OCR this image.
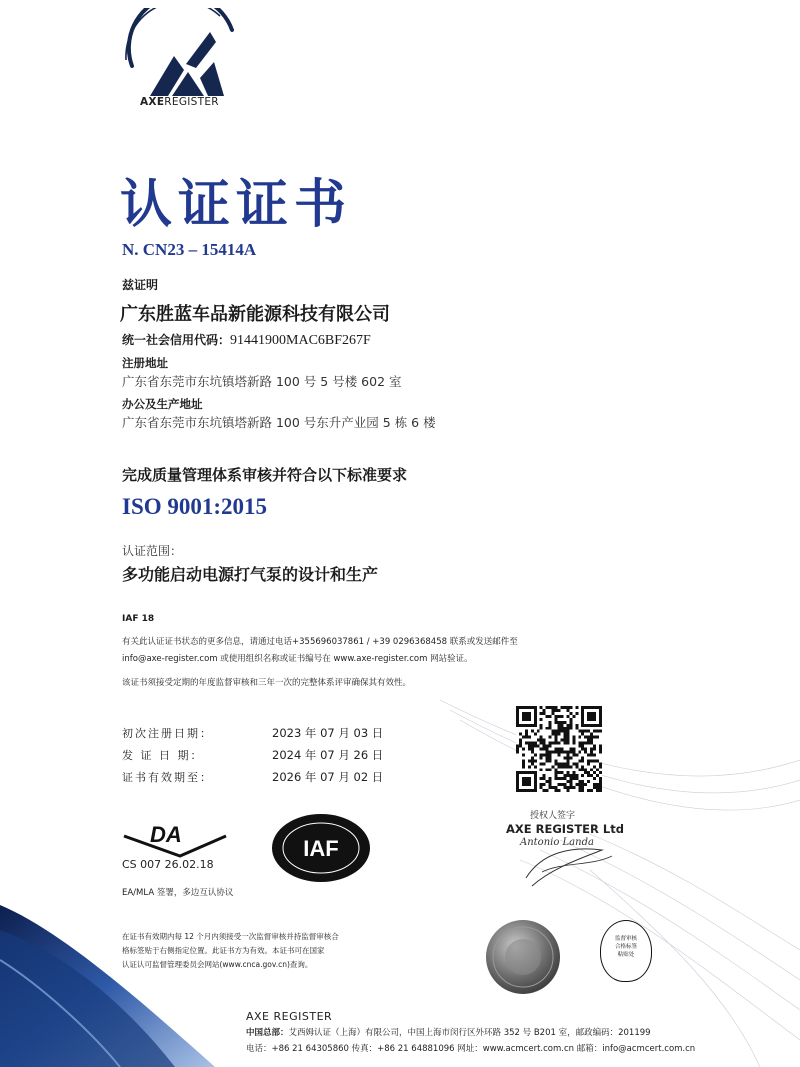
AXEREGISTER
认证证书
N. CN23 – 15414A
兹证明
广东胜蓝车品新能源科技有限公司
统一社会信用代码：91441900MAC6BF267F
注册地址
广东省东莞市东坑镇塔新路 100 号 5 号楼 602 室
办公及生产地址
广东省东莞市东坑镇塔新路 100 号东升产业园 5 栋 6 楼
完成质量管理体系审核并符合以下标准要求
ISO 9001:2015
认证范围：
多功能启动电源打气泵的设计和生产
IAF 18
有关此认证证书状态的更多信息，请通过电话+355696037861 / +39 0296368458 联系或发送邮件至
info@axe-register.com 或使用组织名称或证书编号在 www.axe-register.com 网站验证。
该证书须接受定期的年度监督审核和三年一次的完整体系评审确保其有效性。
初次注册日期：	2023 年 07 月 03 日
发 证 日 期：	2024 年 07 月 26 日
证书有效期至：	2026 年 07 月 02 日
授权人签字
AXE REGISTER Ltd
Antonio Landa
DA
CS 007 26.02.18
IAF
EA/MLA 签署，多边互认协议
在证书有效期内每 12 个月内须接受一次监督审核并持监督审核合
格标签贴于右侧指定位置。此证书方为有效。本证书可在国家
认证认可监督管理委员会网站(www.cnca.gov.cn)查询。
监督审核
合格标签
粘贴处
AXE REGISTER
中国总部：艾西姆认证（上海）有限公司，中国上海市闵行区外环路 352 号 B201 室，邮政编码：201199
电话：+86 21 64305860 传真：+86 21 64881096 网址：www.acmcert.com.cn 邮箱：info@acmcert.com.cn
